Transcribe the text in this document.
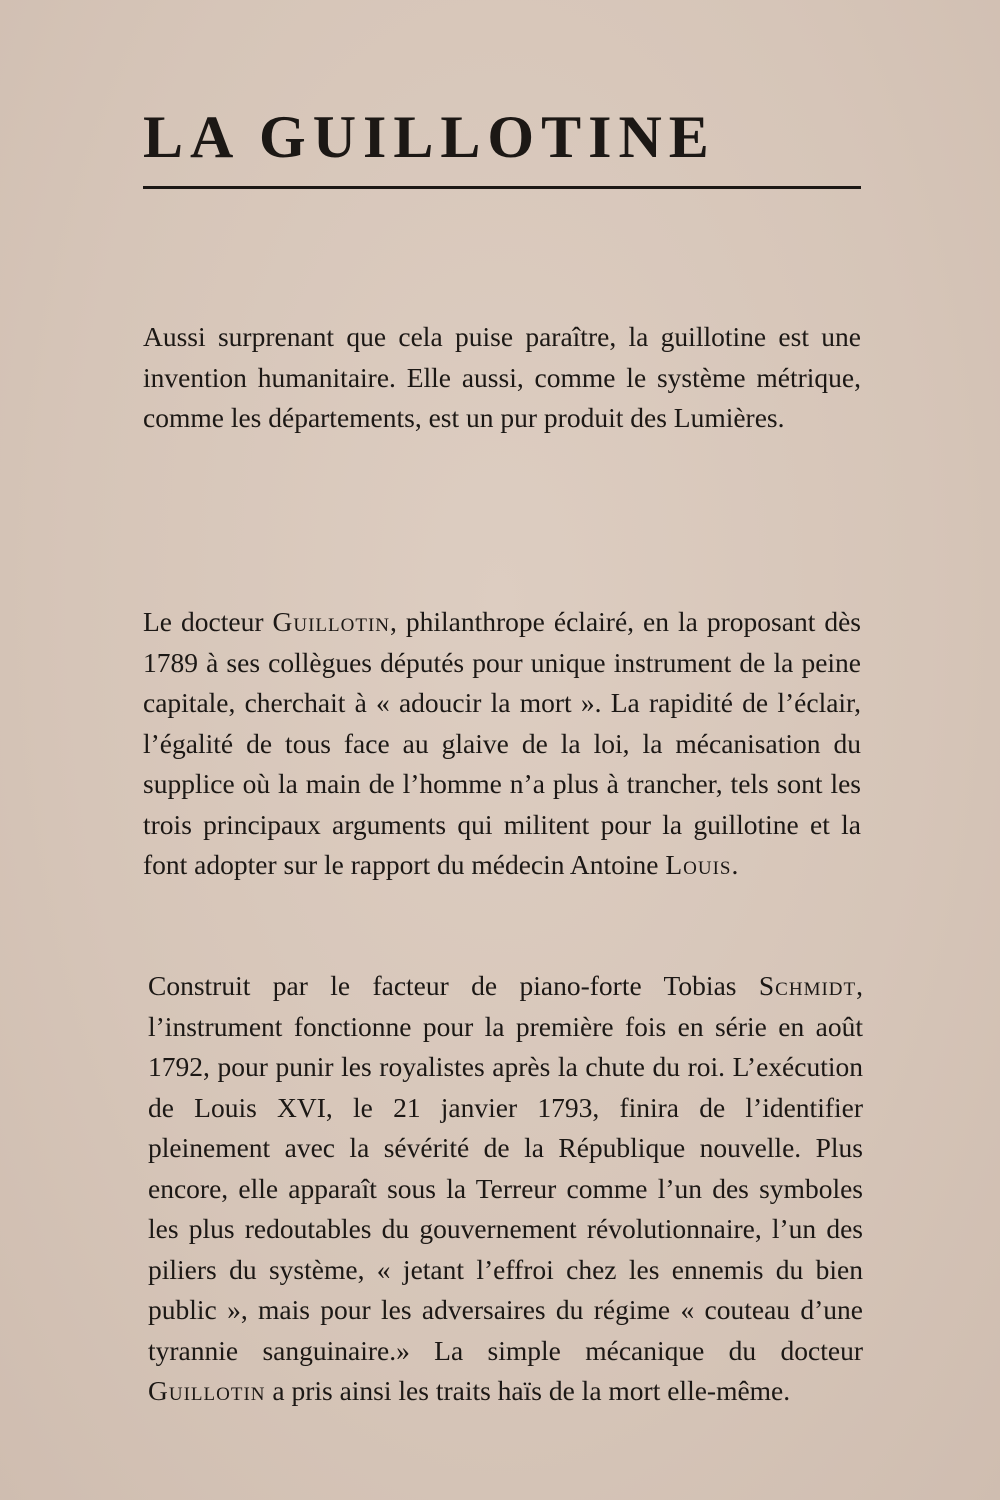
LA GUILLOTINE

Aussi surprenant que cela puise paraître, la guillotine est une invention humanitaire. Elle aussi, comme le système métrique, comme les départements, est un pur produit des Lumières.

Le docteur Guillotin, philanthrope éclairé, en la proposant dès 1789 à ses collègues députés pour unique instrument de la peine capitale, cherchait à « adoucir la mort ». La rapidité de l’éclair, l’égalité de tous face au glaive de la loi, la mécanisation du supplice où la main de l’homme n’a plus à trancher, tels sont les trois principaux arguments qui militent pour la guillotine et la font adopter sur le rapport du médecin Antoine Louis.

Construit par le facteur de piano-forte Tobias Schmidt, l’instrument fonctionne pour la première fois en série en août 1792, pour punir les royalistes après la chute du roi. L’exécution de Louis XVI, le 21 janvier 1793, finira de l’identifier pleinement avec la sévérité de la République nouvelle. Plus encore, elle apparaît sous la Terreur comme l’un des symboles les plus redoutables du gouvernement révolutionnaire, l’un des piliers du système, « jetant l’effroi chez les ennemis du bien public », mais pour les adversaires du régime « couteau d’une tyrannie sanguinaire.» La simple mécanique du docteur Guillotin a pris ainsi les traits haïs de la mort elle-même.
